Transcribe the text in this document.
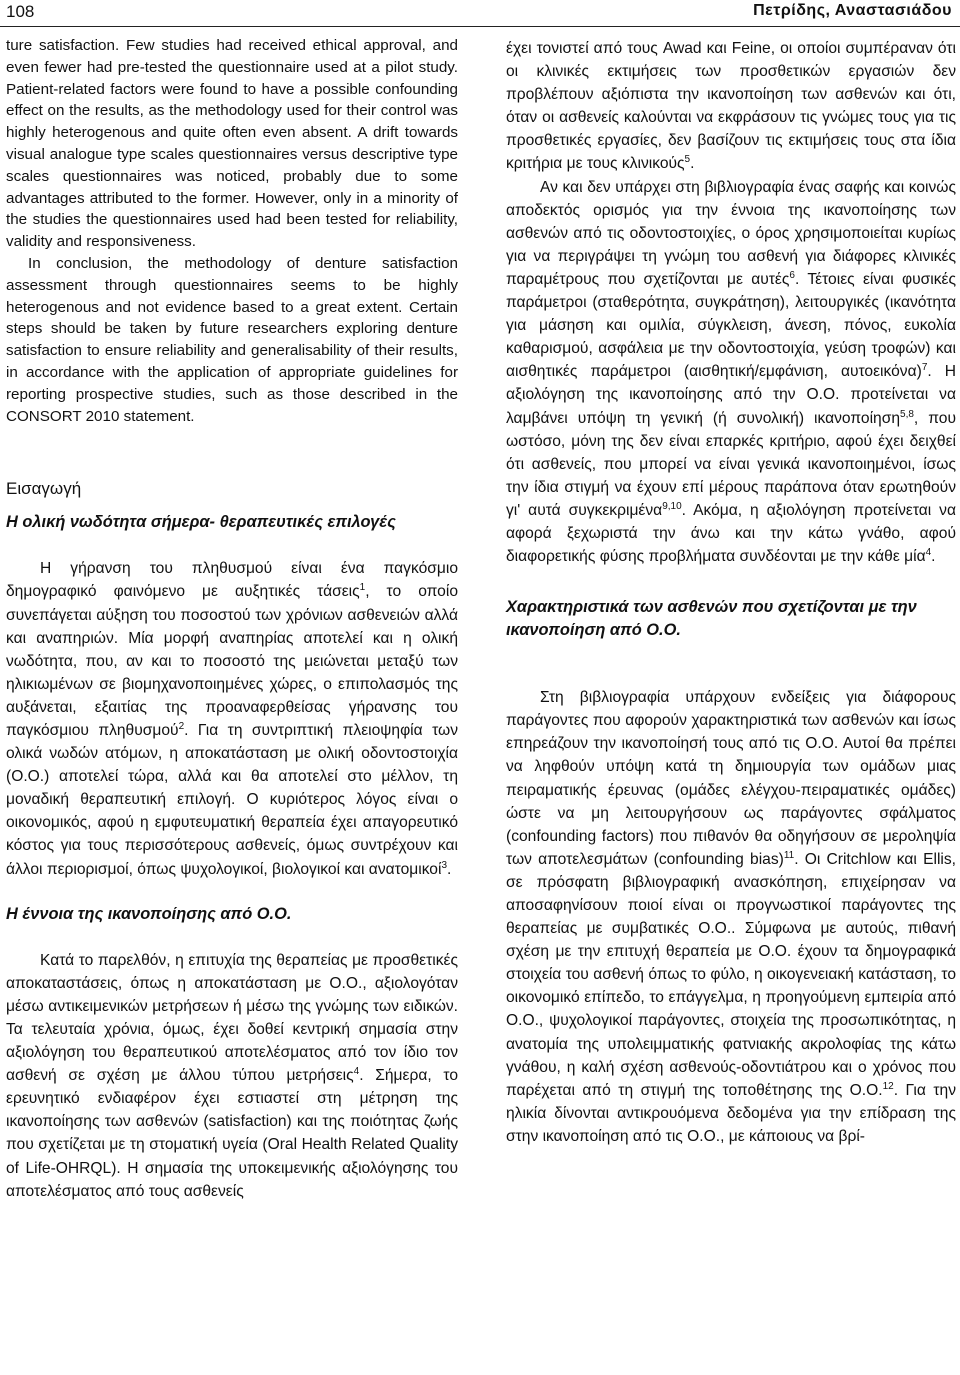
108	Πετρίδης, Αναστασιάδου

ture satisfaction. Few studies had received ethical approval, and even fewer had pre-tested the questionnaire used at a pilot study. Patient-related factors were found to have a possible confounding effect on the results, as the methodology used for their control was highly heterogenous and quite often even absent. A drift towards visual analogue type scales questionnaires versus descriptive type scales questionnaires was noticed, probably due to some advantages attributed to the former. However, only in a minority of the studies the questionnaires used had been tested for reliability, validity and responsiveness.

In conclusion, the methodology of denture satisfaction assessment through questionnaires seems to be highly heterogenous and not evidence based to a great extent. Certain steps should be taken by future researchers exploring denture satisfaction to ensure reliability and generalisability of their results, in accordance with the application of appropriate guidelines for reporting prospective studies, such as those described in the CONSORT 2010 statement.

Εισαγωγή
Η ολική νωδότητα σήμερα- θεραπευτικές επιλογές

Η γήρανση του πληθυσμού είναι ένα παγκόσμιο δημογραφικό φαινόμενο με αυξητικές τάσεις$^1$, το οποίο συνεπάγεται αύξηση του ποσοστού των χρόνιων ασθενειών αλλά και αναπηριών. Μία μορφή αναπηρίας αποτελεί και η ολική νωδότητα, που, αν και το ποσοστό της μειώνεται μεταξύ των ηλικιωμένων σε βιομηχανοποιημένες χώρες, ο επιπολασμός της αυξάνεται, εξαιτίας της προαναφερθείσας γήρανσης του παγκόσμιου πληθυσμού$^2$. Για τη συντριπτική πλειοψηφία των ολικά νωδών ατόμων, η αποκατάσταση με ολική οδοντοστοιχία (Ο.Ο.) αποτελεί τώρα, αλλά και θα αποτελεί στο μέλλον, τη μοναδική θεραπευτική επιλογή. Ο κυριότερος λόγος είναι ο οικονομικός, αφού η εμφυτευματική θεραπεία έχει απαγορευτικό κόστος για τους περισσότερους ασθενείς, όμως συντρέχουν και άλλοι περιορισμοί, όπως ψυχολογικοί, βιολογικοί και ανατομικοί$^3$.

Η έννοια της ικανοποίησης από Ο.Ο.

Κατά το παρελθόν, η επιτυχία της θεραπείας με προσθετικές αποκαταστάσεις, όπως η αποκατάσταση με Ο.Ο., αξιολογόταν μέσω αντικειμενικών μετρήσεων ή μέσω της γνώμης των ειδικών. Τα τελευταία χρόνια, όμως, έχει δοθεί κεντρική σημασία στην αξιολόγηση του θεραπευτικού αποτελέσματος από τον ίδιο τον ασθενή σε σχέση με άλλου τύπου μετρήσεις$^4$. Σήμερα, το ερευνητικό ενδιαφέρον έχει εστιαστεί στη μέτρηση της ικανοποίησης των ασθενών (satisfaction) και της ποιότητας ζωής που σχετίζεται με τη στοματική υγεία (Oral Health Related Quality of Life-OHRQL). Η σημασία της υποκειμενικής αξιολόγησης του αποτελέσματος από τους ασθενείς

έχει τονιστεί από τους Awad και Feine, οι οποίοι συμπέραναν ότι οι κλινικές εκτιμήσεις των προσθετικών εργασιών δεν προβλέπουν αξιόπιστα την ικανοποίηση των ασθενών και ότι, όταν οι ασθενείς καλούνται να εκφράσουν τις γνώμες τους για τις προσθετικές εργασίες, δεν βασίζουν τις εκτιμήσεις τους στα ίδια κριτήρια με τους κλινικούς$^5$.

Αν και δεν υπάρχει στη βιβλιογραφία ένας σαφής και κοινώς αποδεκτός ορισμός για την έννοια της ικανοποίησης των ασθενών από τις οδοντοστοιχίες, ο όρος χρησιμοποιείται κυρίως για να περιγράψει τη γνώμη του ασθενή για διάφορες κλινικές παραμέτρους που σχετίζονται με αυτές$^6$. Τέτοιες είναι φυσικές παράμετροι (σταθερότητα, συγκράτηση), λειτουργικές (ικανότητα για μάσηση και ομιλία, σύγκλειση, άνεση, πόνος, ευκολία καθαρισμού, ασφάλεια με την οδοντοστοιχία, γεύση τροφών) και αισθητικές παράμετροι (αισθητική/εμφάνιση, αυτοεικόνα)$^7$. Η αξιολόγηση της ικανοποίησης από την Ο.Ο. προτείνεται να λαμβάνει υπόψη τη γενική (ή συνολική) ικανοποίηση$^{5,8}$, που ωστόσο, μόνη της δεν είναι επαρκές κριτήριο, αφού έχει δειχθεί ότι ασθενείς, που μπορεί να είναι γενικά ικανοποιημένοι, ίσως την ίδια στιγμή να έχουν επί μέρους παράπονα όταν ερωτηθούν γι' αυτά συγκεκριμένα$^{9,10}$. Ακόμα, η αξιολόγηση προτείνεται να αφορά ξεχωριστά την άνω και την κάτω γνάθο, αφού διαφορετικής φύσης προβλήματα συνδέονται με την κάθε μία$^4$.

Χαρακτηριστικά των ασθενών που σχετίζονται με την ικανοποίηση από Ο.Ο.

Στη βιβλιογραφία υπάρχουν ενδείξεις για διάφορους παράγοντες που αφορούν χαρακτηριστικά των ασθενών και ίσως επηρεάζουν την ικανοποίησή τους από τις Ο.Ο. Αυτοί θα πρέπει να ληφθούν υπόψη κατά τη δημιουργία των ομάδων μιας πειραματικής έρευνας (ομάδες ελέγχου-πειραματικές ομάδες) ώστε να μη λειτουργήσουν ως παράγοντες σφάλματος (confounding factors) που πιθανόν θα οδηγήσουν σε μεροληψία των αποτελεσμάτων (confounding bias)$^{11}$. Οι Critchlow και Ellis, σε πρόσφατη βιβλιογραφική ανασκόπηση, επιχείρησαν να αποσαφηνίσουν ποιοί είναι οι προγνωστικοί παράγοντες της θεραπείας με συμβατικές Ο.Ο.. Σύμφωνα με αυτούς, πιθανή σχέση με την επιτυχή θεραπεία με Ο.Ο. έχουν τα δημογραφικά στοιχεία του ασθενή όπως το φύλο, η οικογενειακή κατάσταση, το οικονομικό επίπεδο, το επάγγελμα, η προηγούμενη εμπειρία από Ο.Ο., ψυχολογικοί παράγοντες, στοιχεία της προσωπικότητας, η ανατομία της υπολειμματικής φατνιακής ακρολοφίας της κάτω γνάθου, η καλή σχέση ασθενούς-οδοντιάτρου και ο χρόνος που παρέχεται από τη στιγμή της τοποθέτησης της Ο.Ο.$^{12}$. Για την ηλικία δίνονται αντικρουόμενα δεδομένα για την επίδραση της στην ικανοποίηση από τις Ο.Ο., με κάποιους να βρί-
